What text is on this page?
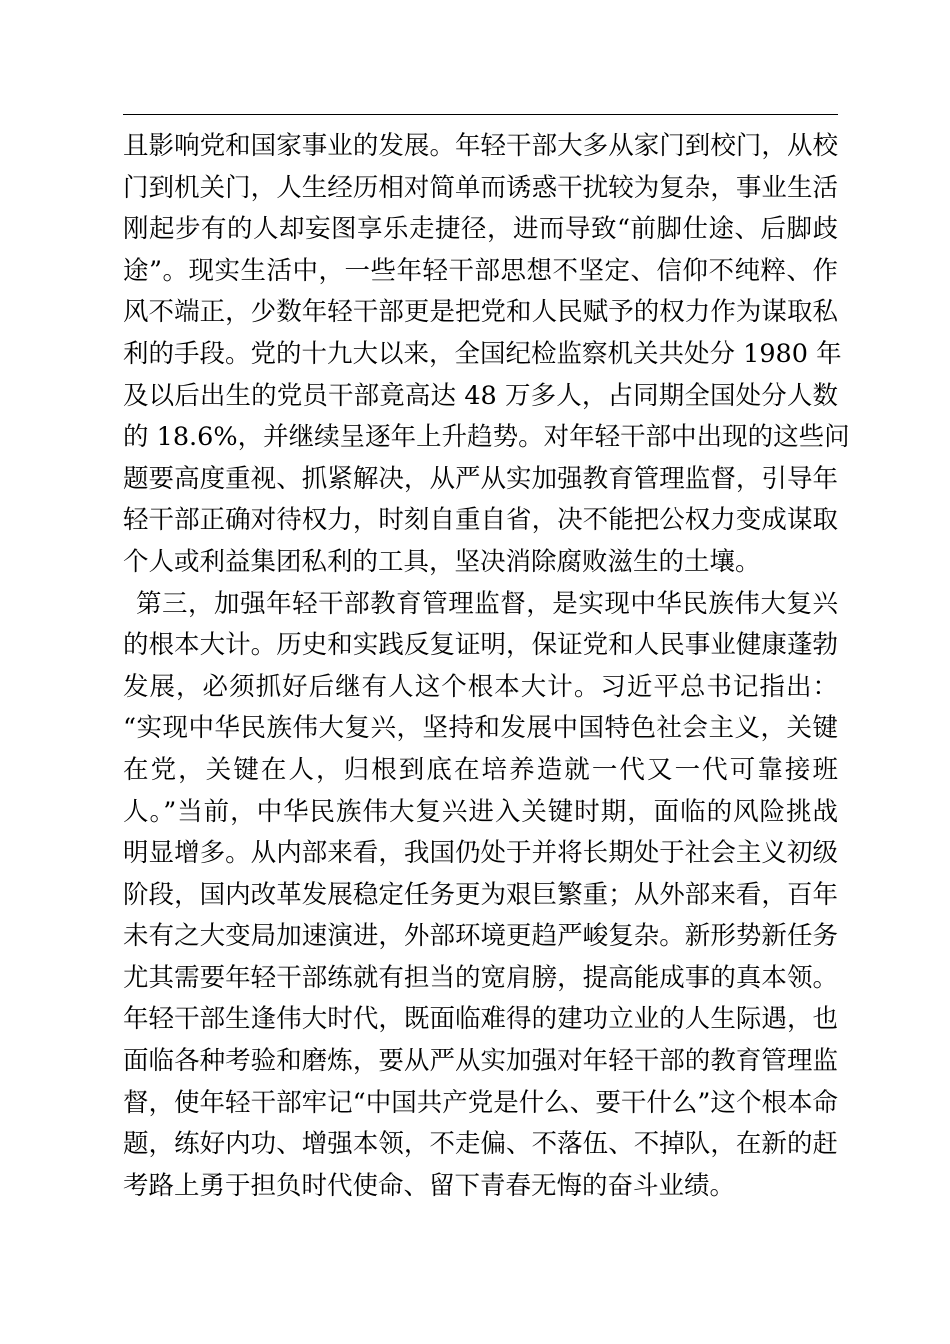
且影响党和国家事业的发展。年轻干部大多从家门到校门，从校
门到机关门，人生经历相对简单而诱惑干扰较为复杂，事业生活
刚起步有的人却妄图享乐走捷径，进而导致“前脚仕途、后脚歧
途”。现实生活中，一些年轻干部思想不坚定、信仰不纯粹、作
风不端正，少数年轻干部更是把党和人民赋予的权力作为谋取私
利的手段。党的十九大以来，全国纪检监察机关共处分 1980 年
及以后出生的党员干部竟高达 48 万多人，占同期全国处分人数
的 18.6%，并继续呈逐年上升趋势。对年轻干部中出现的这些问
题要高度重视、抓紧解决，从严从实加强教育管理监督，引导年
轻干部正确对待权力，时刻自重自省，决不能把公权力变成谋取
个人或利益集团私利的工具，坚决消除腐败滋生的土壤。
第三，加强年轻干部教育管理监督，是实现中华民族伟大复兴
的根本大计。历史和实践反复证明，保证党和人民事业健康蓬勃
发展，必须抓好后继有人这个根本大计。习近平总书记指出：
“实现中华民族伟大复兴，坚持和发展中国特色社会主义，关键
在党，关键在人，归根到底在培养造就一代又一代可靠接班
人。”当前，中华民族伟大复兴进入关键时期，面临的风险挑战
明显增多。从内部来看，我国仍处于并将长期处于社会主义初级
阶段，国内改革发展稳定任务更为艰巨繁重；从外部来看，百年
未有之大变局加速演进，外部环境更趋严峻复杂。新形势新任务
尤其需要年轻干部练就有担当的宽肩膀，提高能成事的真本领。
年轻干部生逢伟大时代，既面临难得的建功立业的人生际遇，也
面临各种考验和磨炼，要从严从实加强对年轻干部的教育管理监
督，使年轻干部牢记“中国共产党是什么、要干什么”这个根本命
题，练好内功、增强本领，不走偏、不落伍、不掉队，在新的赶
考路上勇于担负时代使命、留下青春无悔的奋斗业绩。
